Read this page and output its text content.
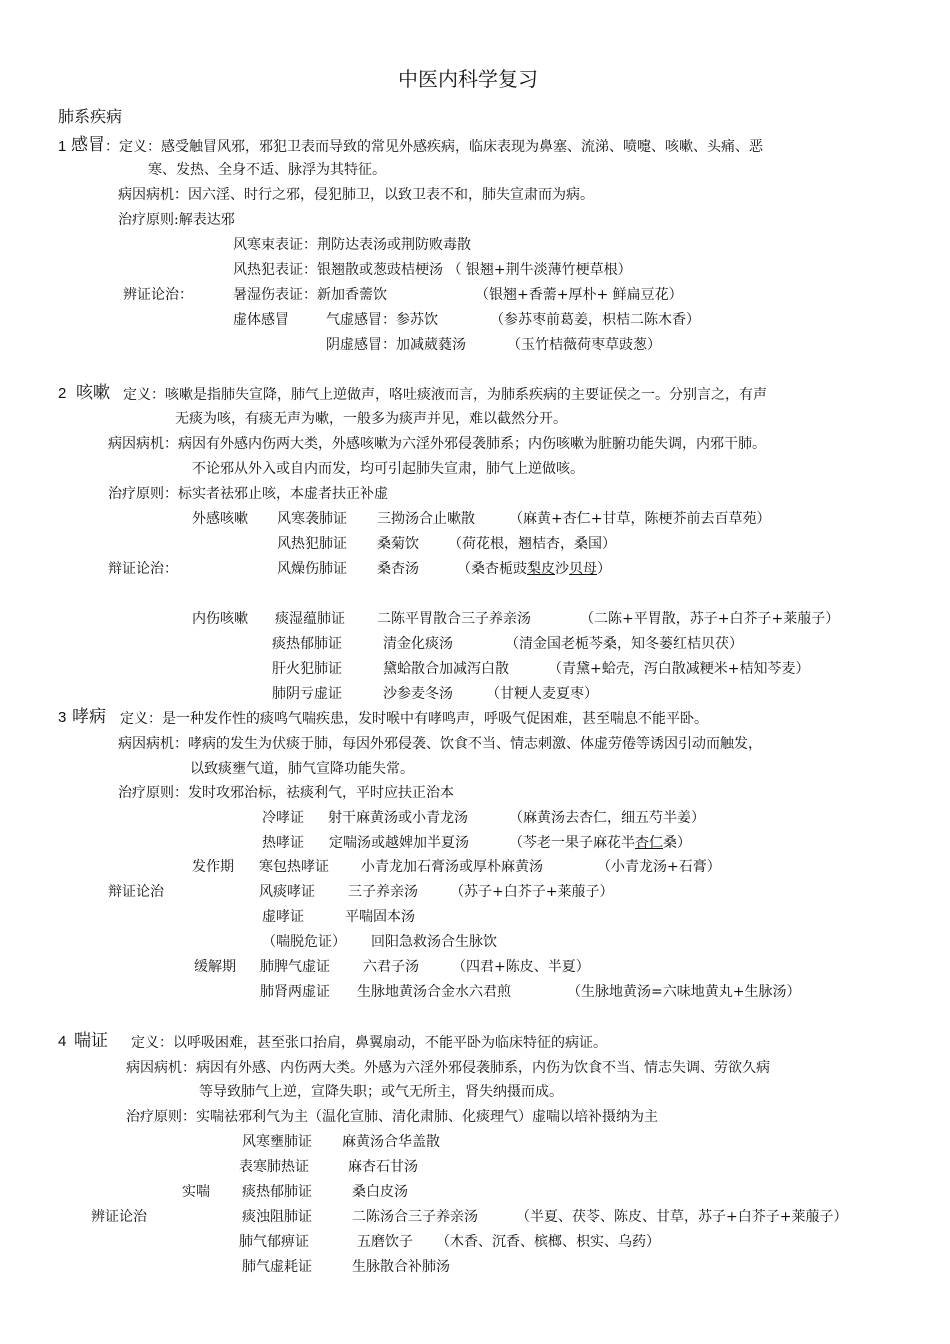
中医内科学复习
肺系疾病
1 感冒 ：定义：感受触冒风邪，邪犯卫表而导致的常见外感疾病，临床表现为鼻塞、流涕、喷嚏、咳嗽、头痛、恶
寒、发热、全身不适、脉浮为其特征。
病因病机：因六淫、时行之邪，侵犯肺卫，以致卫表不和，肺失宣肃而为病。
治疗原则:解表达邪
风寒束表证：荆防达表汤或荆防败毒散
风热犯表证：银翘散或葱豉桔梗汤 （ 银翘+荆牛淡薄竹梗草根）
辨证论治：	暑湿伤表证：新加香薷饮	（银翘+香薷+厚朴+ 鲜扁豆花）
虚体感冒	气虚感冒：参苏饮	（参苏枣前葛姜，枳桔二陈木香）
阴虚感冒：加减葳蕤汤	（玉竹桔薇荷枣草豉葱）
2 咳嗽 定义：咳嗽是指肺失宣降，肺气上逆做声，咯吐痰液而言，为肺系疾病的主要证侯之一。分别言之，有声
无痰为咳，有痰无声为嗽，一般多为痰声并见，难以截然分开。
病因病机：病因有外感内伤两大类，外感咳嗽为六淫外邪侵袭肺系；内伤咳嗽为脏腑功能失调，内邪干肺。
不论邪从外入或自内而发，均可引起肺失宣肃，肺气上逆做咳。
治疗原则：标实者祛邪止咳，本虚者扶正补虚
外感咳嗽 风寒袭肺证 三拗汤合止嗽散 （麻黄+杏仁+甘草，陈梗芥前去百草苑）
风热犯肺证 桑菊饮 （荷花根，翘桔杏，桑国）
辩证论治：	风燥伤肺证 桑杏汤	（桑杏栀豉梨皮沙贝母）
内伤咳嗽 痰湿蕴肺证 二陈平胃散合三子养亲汤	（二陈+平胃散，苏子+白芥子+莱菔子）
痰热郁肺证	清金化痰汤	（清金国老栀芩桑，知冬蒌红桔贝茯）
肝火犯肺证	黛蛤散合加减泻白散	（青黛+蛤壳，泻白散减粳米+桔知芩麦）
肺阴亏虚证	沙参麦冬汤 （甘粳人麦夏枣）
3 哮病 定义：是一种发作性的痰鸣气喘疾患，发时喉中有哮鸣声，呼吸气促困难，甚至喘息不能平卧。
病因病机：哮病的发生为伏痰于肺，每因外邪侵袭、饮食不当、情志刺激、体虚劳倦等诱因引动而触发，
以致痰壅气道，肺气宣降功能失常。
治疗原则：发时攻邪治标，祛痰利气，平时应扶正治本
冷哮证 射干麻黄汤或小青龙汤	（麻黄汤去杏仁，细五芍半姜）
热哮证 定喘汤或越婢加半夏汤	（芩老一果子麻花半杏仁桑）
发作期 寒包热哮证 小青龙加石膏汤或厚朴麻黄汤	（小青龙汤+石膏）
辩证论治	风痰哮证 三子养亲汤 （苏子+白芥子+莱菔子）
虚哮证	平喘固本汤
（喘脱危证） 回阳急救汤合生脉饮
缓解期 肺脾气虚证 六君子汤 （四君+陈皮、半夏）
肺肾两虚证 生脉地黄汤合金水六君煎	（生脉地黄汤=六味地黄丸+生脉汤）
4 喘证 定义：以呼吸困难，甚至张口抬肩，鼻翼扇动，不能平卧为临床特征的病证。
病因病机：病因有外感、内伤两大类。外感为六淫外邪侵袭肺系，内伤为饮食不当、情志失调、劳欲久病
等导致肺气上逆，宣降失职；或气无所主，肾失纳摄而成。
治疗原则：实喘祛邪利气为主（温化宣肺、清化肃肺、化痰理气）虚喘以培补摄纳为主
风寒壅肺证 麻黄汤合华盖散
表寒肺热证	麻杏石甘汤
实喘 痰热郁肺证	桑白皮汤
辨证论治	痰浊阻肺证	二陈汤合三子养亲汤	（半夏、茯苓、陈皮、甘草，苏子+白芥子+莱菔子）
肺气郁痹证	五磨饮子 （木香、沉香、槟榔、枳实、乌药）
肺气虚耗证	生脉散合补肺汤
